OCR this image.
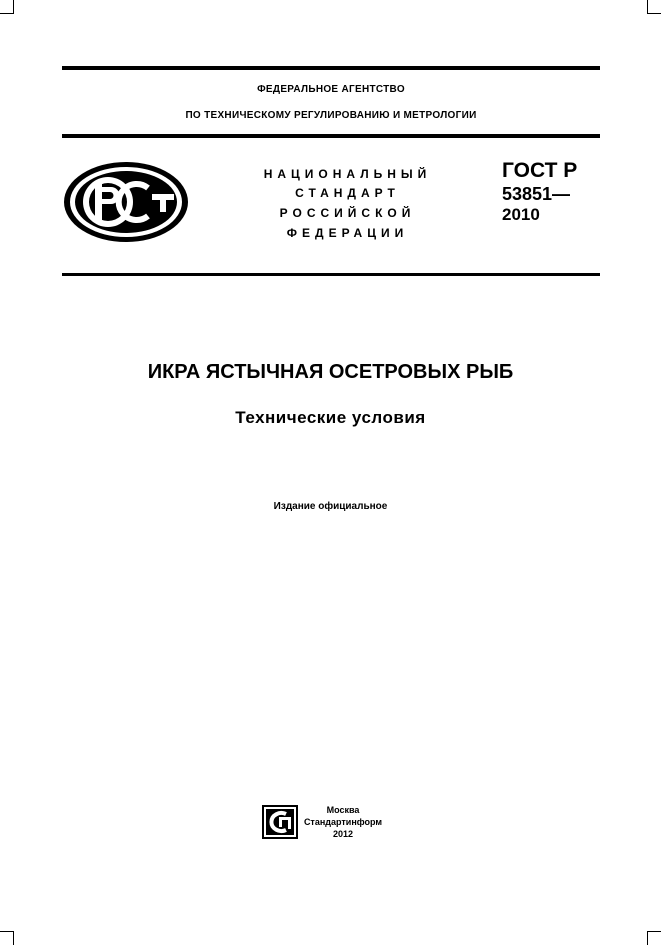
ФЕДЕРАЛЬНОЕ АГЕНТСТВО
ПО ТЕХНИЧЕСКОМУ РЕГУЛИРОВАНИЮ И МЕТРОЛОГИИ
НАЦИОНАЛЬНЫЙ
СТАНДАРТ
РОССИЙСКОЙ
ФЕДЕРАЦИИ
ГОСТ Р
53851—
2010
ИКРА ЯСТЫЧНАЯ ОСЕТРОВЫХ РЫБ
Технические условия
Издание официальное
Москва
Стандартинформ
2012
